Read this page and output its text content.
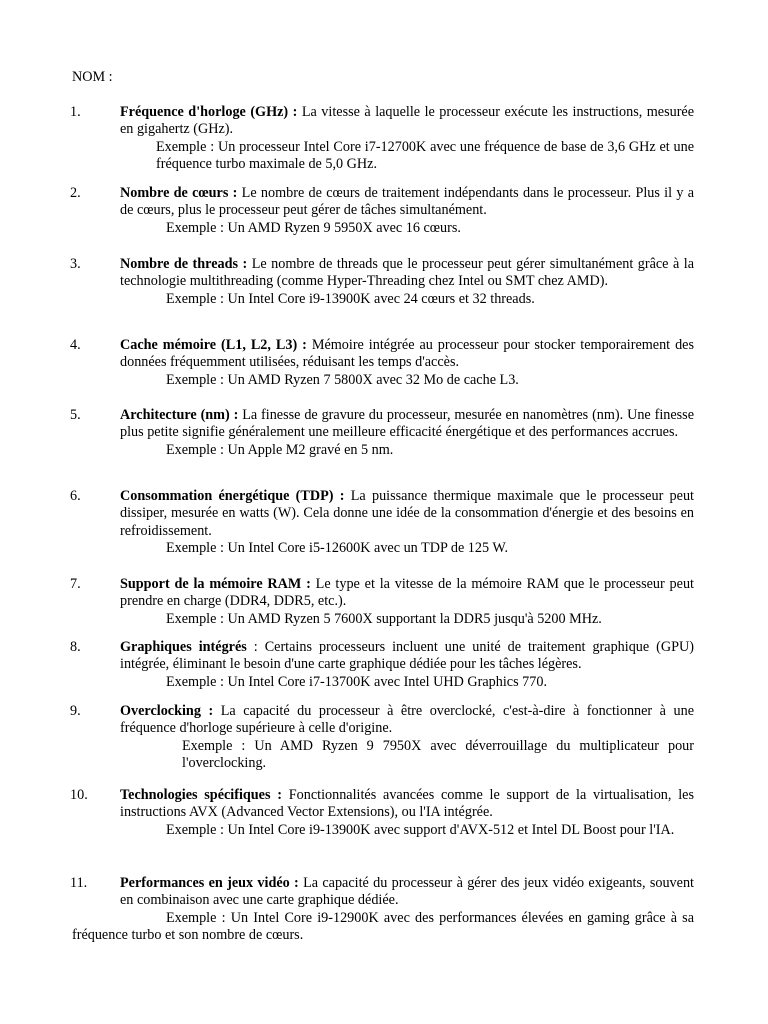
NOM :

1.	Fréquence d'horloge (GHz) : La vitesse à laquelle le processeur exécute les instructions, mesurée en gigahertz (GHz).
Exemple : Un processeur Intel Core i7-12700K avec une fréquence de base de 3,6 GHz et une fréquence turbo maximale de 5,0 GHz.
2.	Nombre de cœurs : Le nombre de cœurs de traitement indépendants dans le processeur. Plus il y a de cœurs, plus le processeur peut gérer de tâches simultanément.
Exemple : Un AMD Ryzen 9 5950X avec 16 cœurs.
3.	Nombre de threads : Le nombre de threads que le processeur peut gérer simultanément grâce à la technologie multithreading (comme Hyper-Threading chez Intel ou SMT chez AMD).
Exemple : Un Intel Core i9-13900K avec 24 cœurs et 32 threads.
4.	Cache mémoire (L1, L2, L3) : Mémoire intégrée au processeur pour stocker temporairement des données fréquemment utilisées, réduisant les temps d'accès.
Exemple : Un AMD Ryzen 7 5800X avec 32 Mo de cache L3.
5.	Architecture (nm) : La finesse de gravure du processeur, mesurée en nanomètres (nm). Une finesse plus petite signifie généralement une meilleure efficacité énergétique et des performances accrues.
Exemple : Un Apple M2 gravé en 5 nm.
6.	Consommation énergétique (TDP) : La puissance thermique maximale que le processeur peut dissiper, mesurée en watts (W). Cela donne une idée de la consommation d'énergie et des besoins en refroidissement.
Exemple : Un Intel Core i5-12600K avec un TDP de 125 W.
7.	Support de la mémoire RAM : Le type et la vitesse de la mémoire RAM que le processeur peut prendre en charge (DDR4, DDR5, etc.).
Exemple : Un AMD Ryzen 5 7600X supportant la DDR5 jusqu'à 5200 MHz.
8.	Graphiques intégrés : Certains processeurs incluent une unité de traitement graphique (GPU) intégrée, éliminant le besoin d'une carte graphique dédiée pour les tâches légères.
Exemple : Un Intel Core i7-13700K avec Intel UHD Graphics 770.
9.	Overclocking : La capacité du processeur à être overclocké, c'est-à-dire à fonctionner à une fréquence d'horloge supérieure à celle d'origine.
Exemple : Un AMD Ryzen 9 7950X avec déverrouillage du multiplicateur pour l'overclocking.
10.	Technologies spécifiques : Fonctionnalités avancées comme le support de la virtualisation, les instructions AVX (Advanced Vector Extensions), ou l'IA intégrée.
Exemple : Un Intel Core i9-13900K avec support d'AVX-512 et Intel DL Boost pour l'IA.
11.	Performances en jeux vidéo : La capacité du processeur à gérer des jeux vidéo exigeants, souvent en combinaison avec une carte graphique dédiée.
Exemple : Un Intel Core i9-12900K avec des performances élevées en gaming grâce à sa fréquence turbo et son nombre de cœurs.
